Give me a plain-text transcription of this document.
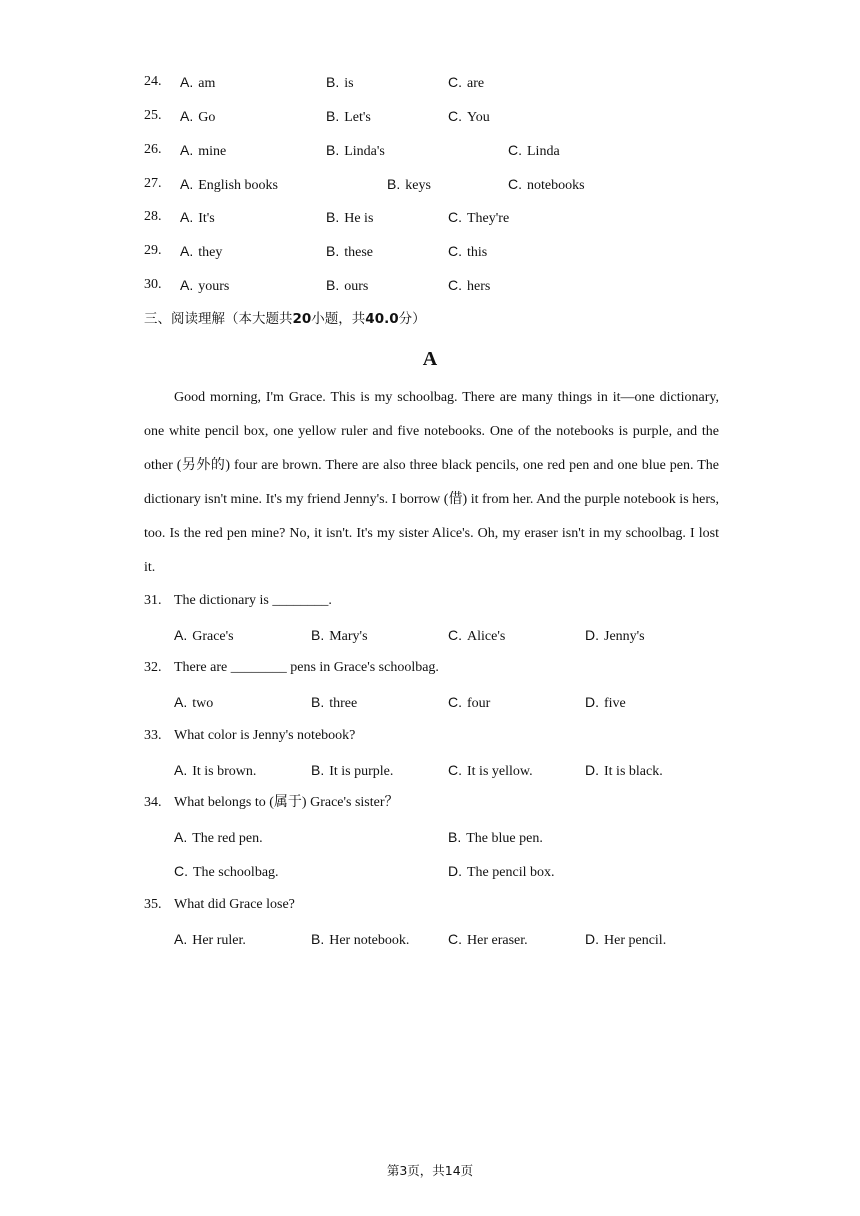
24. A. am	B. is	C. are
25. A. Go	B. Let's	C. You
26. A. mine	B. Linda's	C. Linda
27. A. English books	B. keys	C. notebooks
28. A. It's	B. He is	C. They're
29. A. they	B. these	C. this
30. A. yours	B. ours	C. hers
三、阅读理解（本大题共20小题，共40.0分）
A
Good morning, I'm Grace. This is my schoolbag. There are many things in it—one dictionary, one white pencil box, one yellow ruler and five notebooks. One of the notebooks is purple, and the other (另外的) four are brown. There are also three black pencils, one red pen and one blue pen. The dictionary isn't mine. It's my friend Jenny's. I borrow (借) it from her. And the purple notebook is hers, too. Is the red pen mine? No, it isn't. It's my sister Alice's. Oh, my eraser isn't in my schoolbag. I lost it.
31. The dictionary is ________.
A. Grace's	B. Mary's	C. Alice's	D. Jenny's
32. There are ________ pens in Grace's schoolbag.
A. two	B. three	C. four	D. five
33. What color is Jenny's notebook?
A. It is brown.	B. It is purple.	C. It is yellow.	D. It is black.
34. What belongs to (属于) Grace's sister？
A. The red pen.	B. The blue pen.
C. The schoolbag.	D. The pencil box.
35. What did Grace lose?
A. Her ruler.	B. Her notebook.	C. Her eraser.	D. Her pencil.
第3页，共14页
